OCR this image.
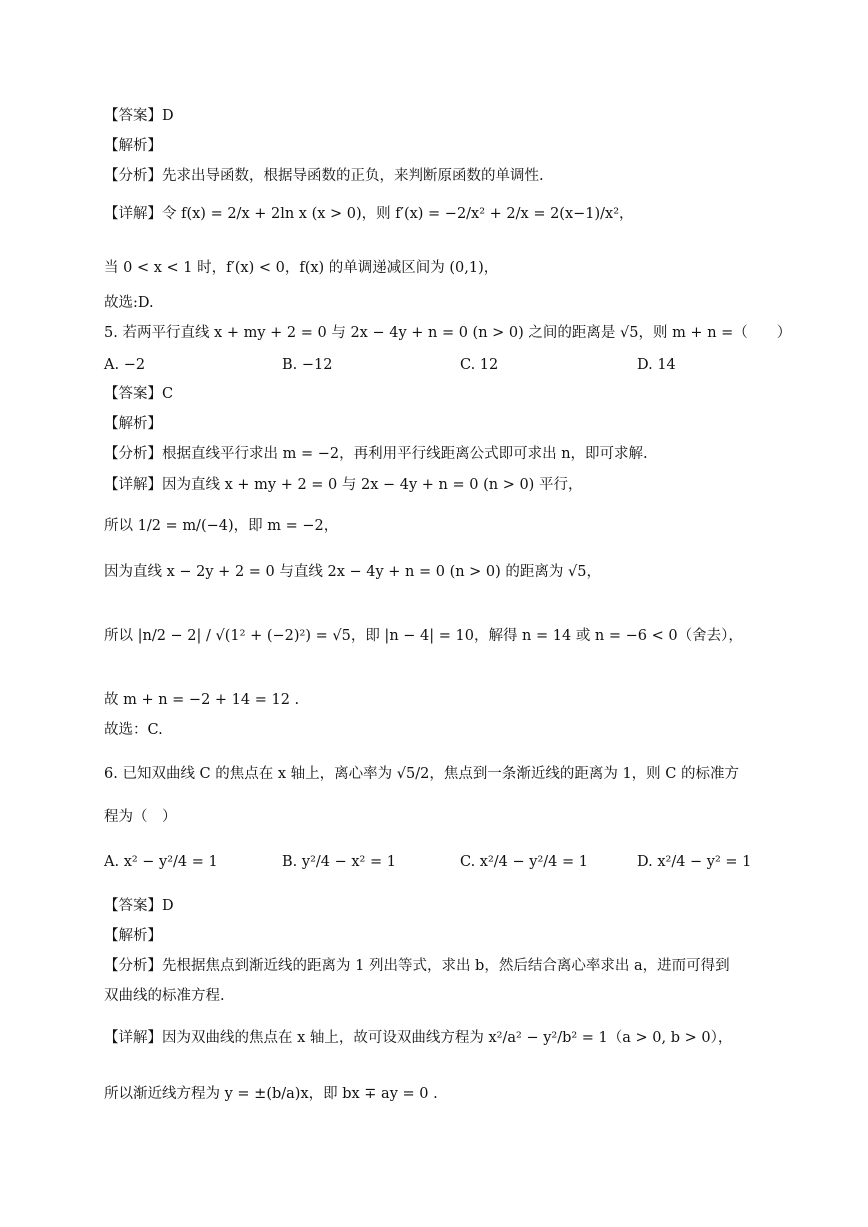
【答案】D
【解析】
【分析】先求出导函数，根据导函数的正负，来判断原函数的单调性.
【详解】令 f(x) = 2/x + 2ln x (x > 0)，则 f′(x) = −2/x² + 2/x = 2(x−1)/x²，
当 0 < x < 1 时，f′(x) < 0，f(x) 的单调递减区间为 (0,1)，
故选:D.
5. 若两平行直线 x + my + 2 = 0 与 2x − 4y + n = 0 (n > 0) 之间的距离是 √5，则 m + n =（　　）
【答案】C
【解析】
【分析】根据直线平行求出 m = −2，再利用平行线距离公式即可求出 n，即可求解.
【详解】因为直线 x + my + 2 = 0 与 2x − 4y + n = 0 (n > 0) 平行，
所以 1/2 = m/(−4)，即 m = −2，
因为直线 x − 2y + 2 = 0 与直线 2x − 4y + n = 0 (n > 0) 的距离为 √5，
所以 |n/2 − 2| / √(1² + (−2)²) = √5，即 |n − 4| = 10，解得 n = 14 或 n = −6 < 0（舍去），
故 m + n = −2 + 14 = 12 .
故选：C.
6. 已知双曲线 C 的焦点在 x 轴上，离心率为 √5/2，焦点到一条渐近线的距离为 1，则 C 的标准方
程为（　）
【答案】D
【解析】
【分析】先根据焦点到渐近线的距离为 1 列出等式，求出 b，然后结合离心率求出 a，进而可得到
双曲线的标准方程.
【详解】因为双曲线的焦点在 x 轴上，故可设双曲线方程为 x²/a² − y²/b² = 1（a > 0, b > 0），
所以渐近线方程为 y = ±(b/a)x，即 bx ∓ ay = 0 .
A. −2	B. −12	C. 12	D. 14
A. x² − y²/4 = 1	B. y²/4 − x² = 1	C. x²/4 − y²/4 = 1	D. x²/4 − y² = 1
